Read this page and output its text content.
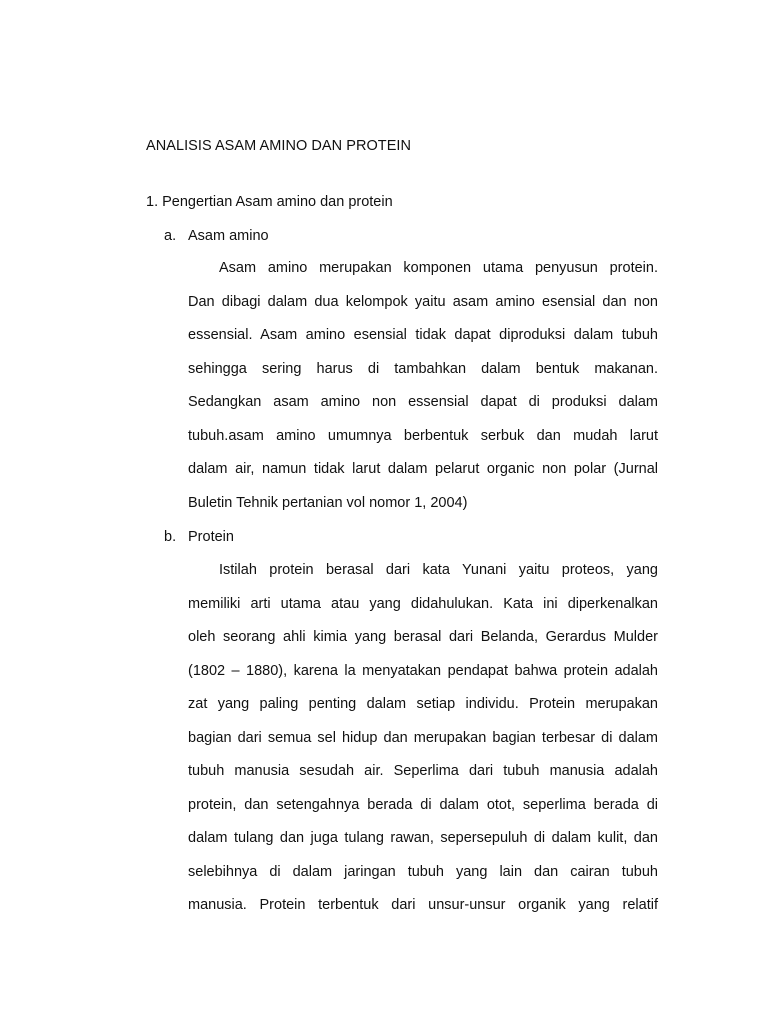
ANALISIS ASAM AMINO DAN PROTEIN
1. Pengertian Asam amino dan protein
a. Asam amino
Asam amino merupakan komponen utama penyusun protein.
Dan dibagi dalam dua kelompok yaitu asam amino esensial dan non
essensial. Asam amino esensial tidak dapat diproduksi dalam tubuh
sehingga sering harus di tambahkan dalam bentuk makanan.
Sedangkan asam amino non essensial dapat di produksi dalam
tubuh.asam amino umumnya berbentuk serbuk dan mudah larut
dalam air, namun tidak larut dalam pelarut organic non polar (Jurnal
Buletin Tehnik pertanian vol nomor 1, 2004)
b. Protein
Istilah protein berasal dari kata Yunani yaitu proteos, yang
memiliki arti utama atau yang didahulukan. Kata ini diperkenalkan
oleh seorang ahli kimia yang berasal dari Belanda, Gerardus Mulder
(1802 – 1880), karena la menyatakan pendapat bahwa protein adalah
zat yang paling penting dalam setiap individu. Protein merupakan
bagian dari semua sel hidup dan merupakan bagian terbesar di dalam
tubuh manusia sesudah air. Seperlima dari tubuh manusia adalah
protein, dan setengahnya berada di dalam otot, seperlima berada di
dalam tulang dan juga tulang rawan, sepersepuluh di dalam kulit, dan
selebihnya di dalam jaringan tubuh yang lain dan cairan tubuh
manusia. Protein terbentuk dari unsur-unsur organik yang relatif
